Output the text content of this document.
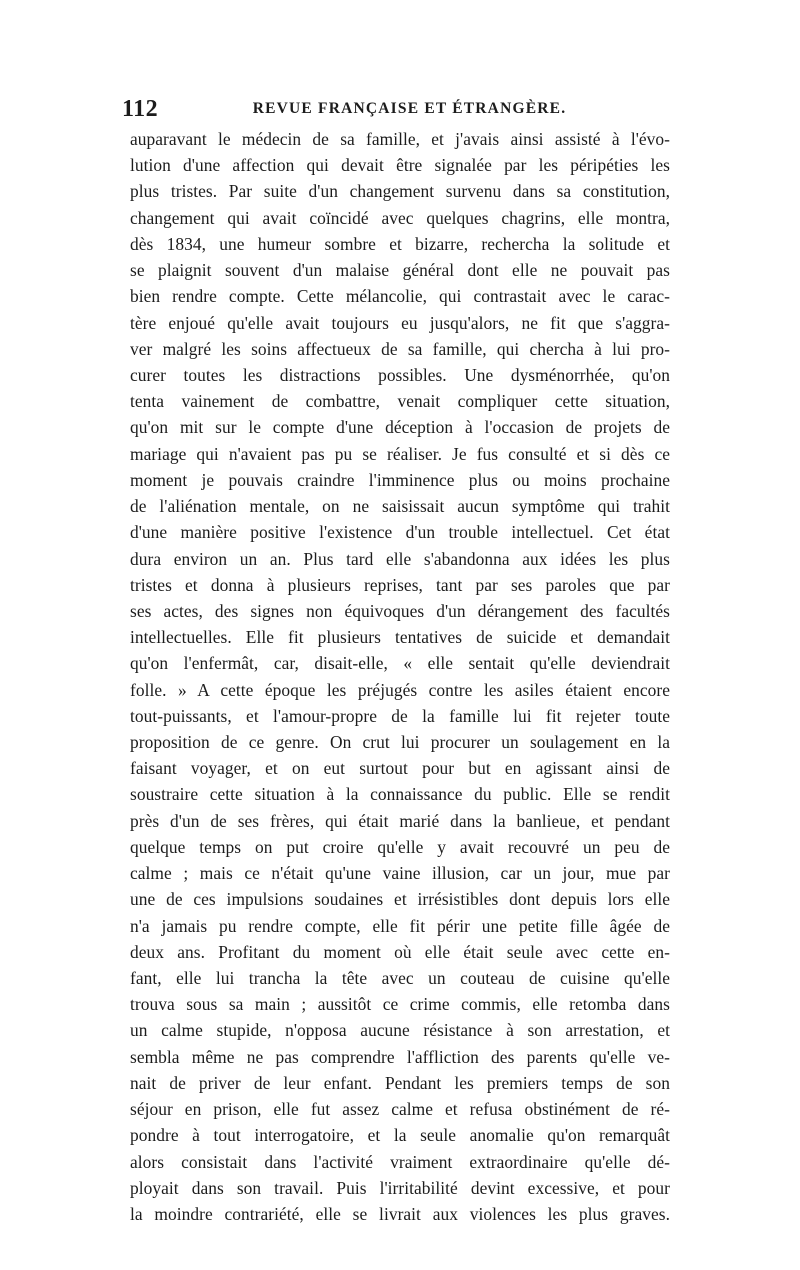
112	REVUE FRANÇAISE ET ÉTRANGÈRE.
auparavant le médecin de sa famille, et j'avais ainsi assisté à l'évo-
lution d'une affection qui devait être signalée par les péripéties les
plus tristes. Par suite d'un changement survenu dans sa constitution,
changement qui avait coïncidé avec quelques chagrins, elle montra,
dès 1834, une humeur sombre et bizarre, recherchа la solitude et
se plaignit souvent d'un malaise général dont elle ne pouvait pas
bien rendre compte. Cette mélancolie, qui contrastait avec le carac-
tère enjoué qu'elle avait toujours eu jusqu'alors, ne fit que s'aggra-
ver malgré les soins affectueux de sa famille, qui chercha à lui pro-
curer toutes les distractions possibles. Une dysménorrhée, qu'on
tenta vainement de combattre, venait compliquer cette situation,
qu'on mit sur le compte d'une déception à l'occasion de projets de
mariage qui n'avaient pas pu se réaliser. Je fus consulté et si dès ce
moment je pouvais craindre l'imminence plus ou moins prochaine
de l'aliénation mentale, on ne saisissait aucun symptôme qui trahit
d'une manière positive l'existence d'un trouble intellectuel. Cet état
dura environ un an. Plus tard elle s'abandonna aux idées les plus
tristes et donna à plusieurs reprises, tant par ses paroles que par
ses actes, des signes non équivoques d'un dérangement des facultés
intellectuelles. Elle fit plusieurs tentatives de suicide et demandait
qu'on l'enfermât, car, disait-elle, « elle sentait qu'elle deviendrait
folle. » A cette époque les préjugés contre les asiles étaient encore
tout-puissants, et l'amour-propre de la famille lui fit rejeter toute
proposition de ce genre. On crut lui procurer un soulagement en la
faisant voyager, et on eut surtout pour but en agissant ainsi de
soustraire cette situation à la connaissance du public. Elle se rendit
près d'un de ses frères, qui était marié dans la banlieue, et pendant
quelque temps on put croire qu'elle y avait recouvré un peu de
calme ; mais ce n'était qu'une vaine illusion, car un jour, mue par
une de ces impulsions soudaines et irrésistibles dont depuis lors elle
n'a jamais pu rendre compte, elle fit périr une petite fille âgée de
deux ans. Profitant du moment où elle était seule avec cette en-
fant, elle lui trancha la tête avec un couteau de cuisine qu'elle
trouva sous sa main ; aussitôt ce crime commis, elle retomba dans
un calme stupide, n'opposa aucune résistance à son arrestation, et
sembla même ne pas comprendre l'affliction des parents qu'elle ve-
nait de priver de leur enfant. Pendant les premiers temps de son
séjour en prison, elle fut assez calme et refusa obstinément de ré-
pondre à tout interrogatoire, et la seule anomalie qu'on remarquât
alors consistait dans l'activité vraiment extraordinaire qu'elle dé-
ployait dans son travail. Puis l'irritabilité devint excessive, et pour
la moindre contrariété, elle se livrait aux violences les plus graves.
